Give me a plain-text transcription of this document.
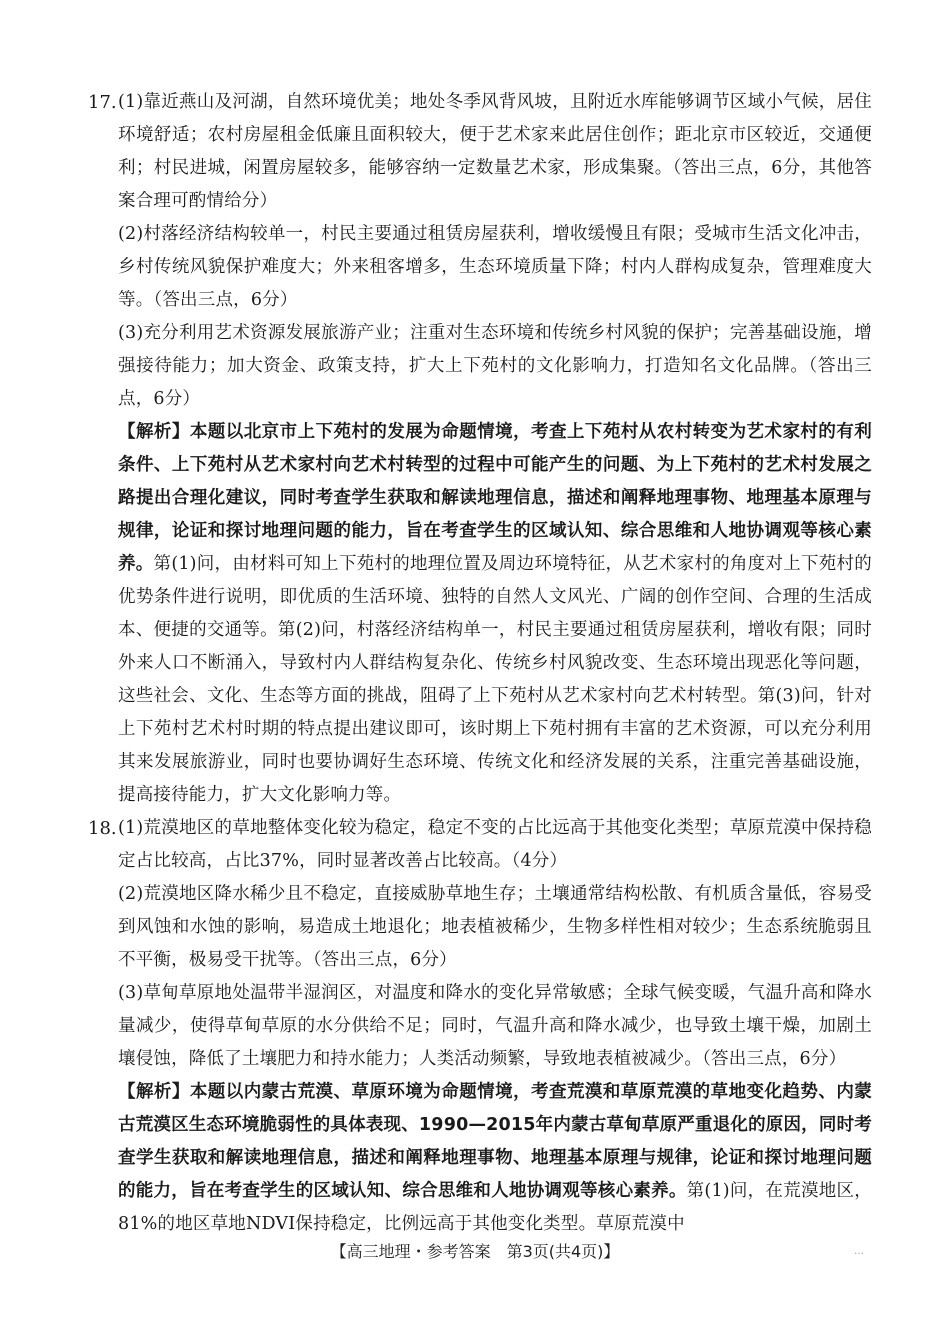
17. (1)靠近燕山及河湖，自然环境优美；地处冬季风背风坡，且附近水库能够调节区域小气候，居住环境舒适；农村房屋租金低廉且面积较大，便于艺术家来此居住创作；距北京市区较近，交通便利；村民进城，闲置房屋较多，能够容纳一定数量艺术家，形成集聚。（答出三点，6分，其他答案合理可酌情给分）

(2)村落经济结构较单一，村民主要通过租赁房屋获利，增收缓慢且有限；受城市生活文化冲击，乡村传统风貌保护难度大；外来租客增多，生态环境质量下降；村内人群构成复杂，管理难度大等。（答出三点，6分）

(3)充分利用艺术资源发展旅游产业；注重对生态环境和传统乡村风貌的保护；完善基础设施，增强接待能力；加大资金、政策支持，扩大上下苑村的文化影响力，打造知名文化品牌。（答出三点，6分）

【解析】本题以北京市上下苑村的发展为命题情境，考查上下苑村从农村转变为艺术家村的有利条件、上下苑村从艺术家村向艺术村转型的过程中可能产生的问题、为上下苑村的艺术村发展之路提出合理化建议，同时考查学生获取和解读地理信息，描述和阐释地理事物、地理基本原理与规律，论证和探讨地理问题的能力，旨在考查学生的区域认知、综合思维和人地协调观等核心素养。第(1)问，由材料可知上下苑村的地理位置及周边环境特征，从艺术家村的角度对上下苑村的优势条件进行说明，即优质的生活环境、独特的自然人文风光、广阔的创作空间、合理的生活成本、便捷的交通等。第(2)问，村落经济结构单一，村民主要通过租赁房屋获利，增收有限；同时外来人口不断涌入，导致村内人群结构复杂化、传统乡村风貌改变、生态环境出现恶化等问题，这些社会、文化、生态等方面的挑战，阻碍了上下苑村从艺术家村向艺术村转型。第(3)问，针对上下苑村艺术村时期的特点提出建议即可，该时期上下苑村拥有丰富的艺术资源，可以充分利用其来发展旅游业，同时也要协调好生态环境、传统文化和经济发展的关系，注重完善基础设施，提高接待能力，扩大文化影响力等。

18. (1)荒漠地区的草地整体变化较为稳定，稳定不变的占比远高于其他变化类型；草原荒漠中保持稳定占比较高，占比37%，同时显著改善占比较高。（4分）

(2)荒漠地区降水稀少且不稳定，直接威胁草地生存；土壤通常结构松散、有机质含量低，容易受到风蚀和水蚀的影响，易造成土地退化；地表植被稀少，生物多样性相对较少；生态系统脆弱且不平衡，极易受干扰等。（答出三点，6分）

(3)草甸草原地处温带半湿润区，对温度和降水的变化异常敏感；全球气候变暖，气温升高和降水量减少，使得草甸草原的水分供给不足；同时，气温升高和降水减少，也导致土壤干燥，加剧土壤侵蚀，降低了土壤肥力和持水能力；人类活动频繁，导致地表植被减少。（答出三点，6分）

【解析】本题以内蒙古荒漠、草原环境为命题情境，考查荒漠和草原荒漠的草地变化趋势、内蒙古荒漠区生态环境脆弱性的具体表现、1990—2015年内蒙古草甸草原严重退化的原因，同时考查学生获取和解读地理信息，描述和阐释地理事物、地理基本原理与规律，论证和探讨地理问题的能力，旨在考查学生的区域认知、综合思维和人地协调观等核心素养。第(1)问，在荒漠地区，81%的地区草地NDVI保持稳定，比例远高于其他变化类型。草原荒漠中

【高三地理・参考答案　第3页(共4页)】	…
